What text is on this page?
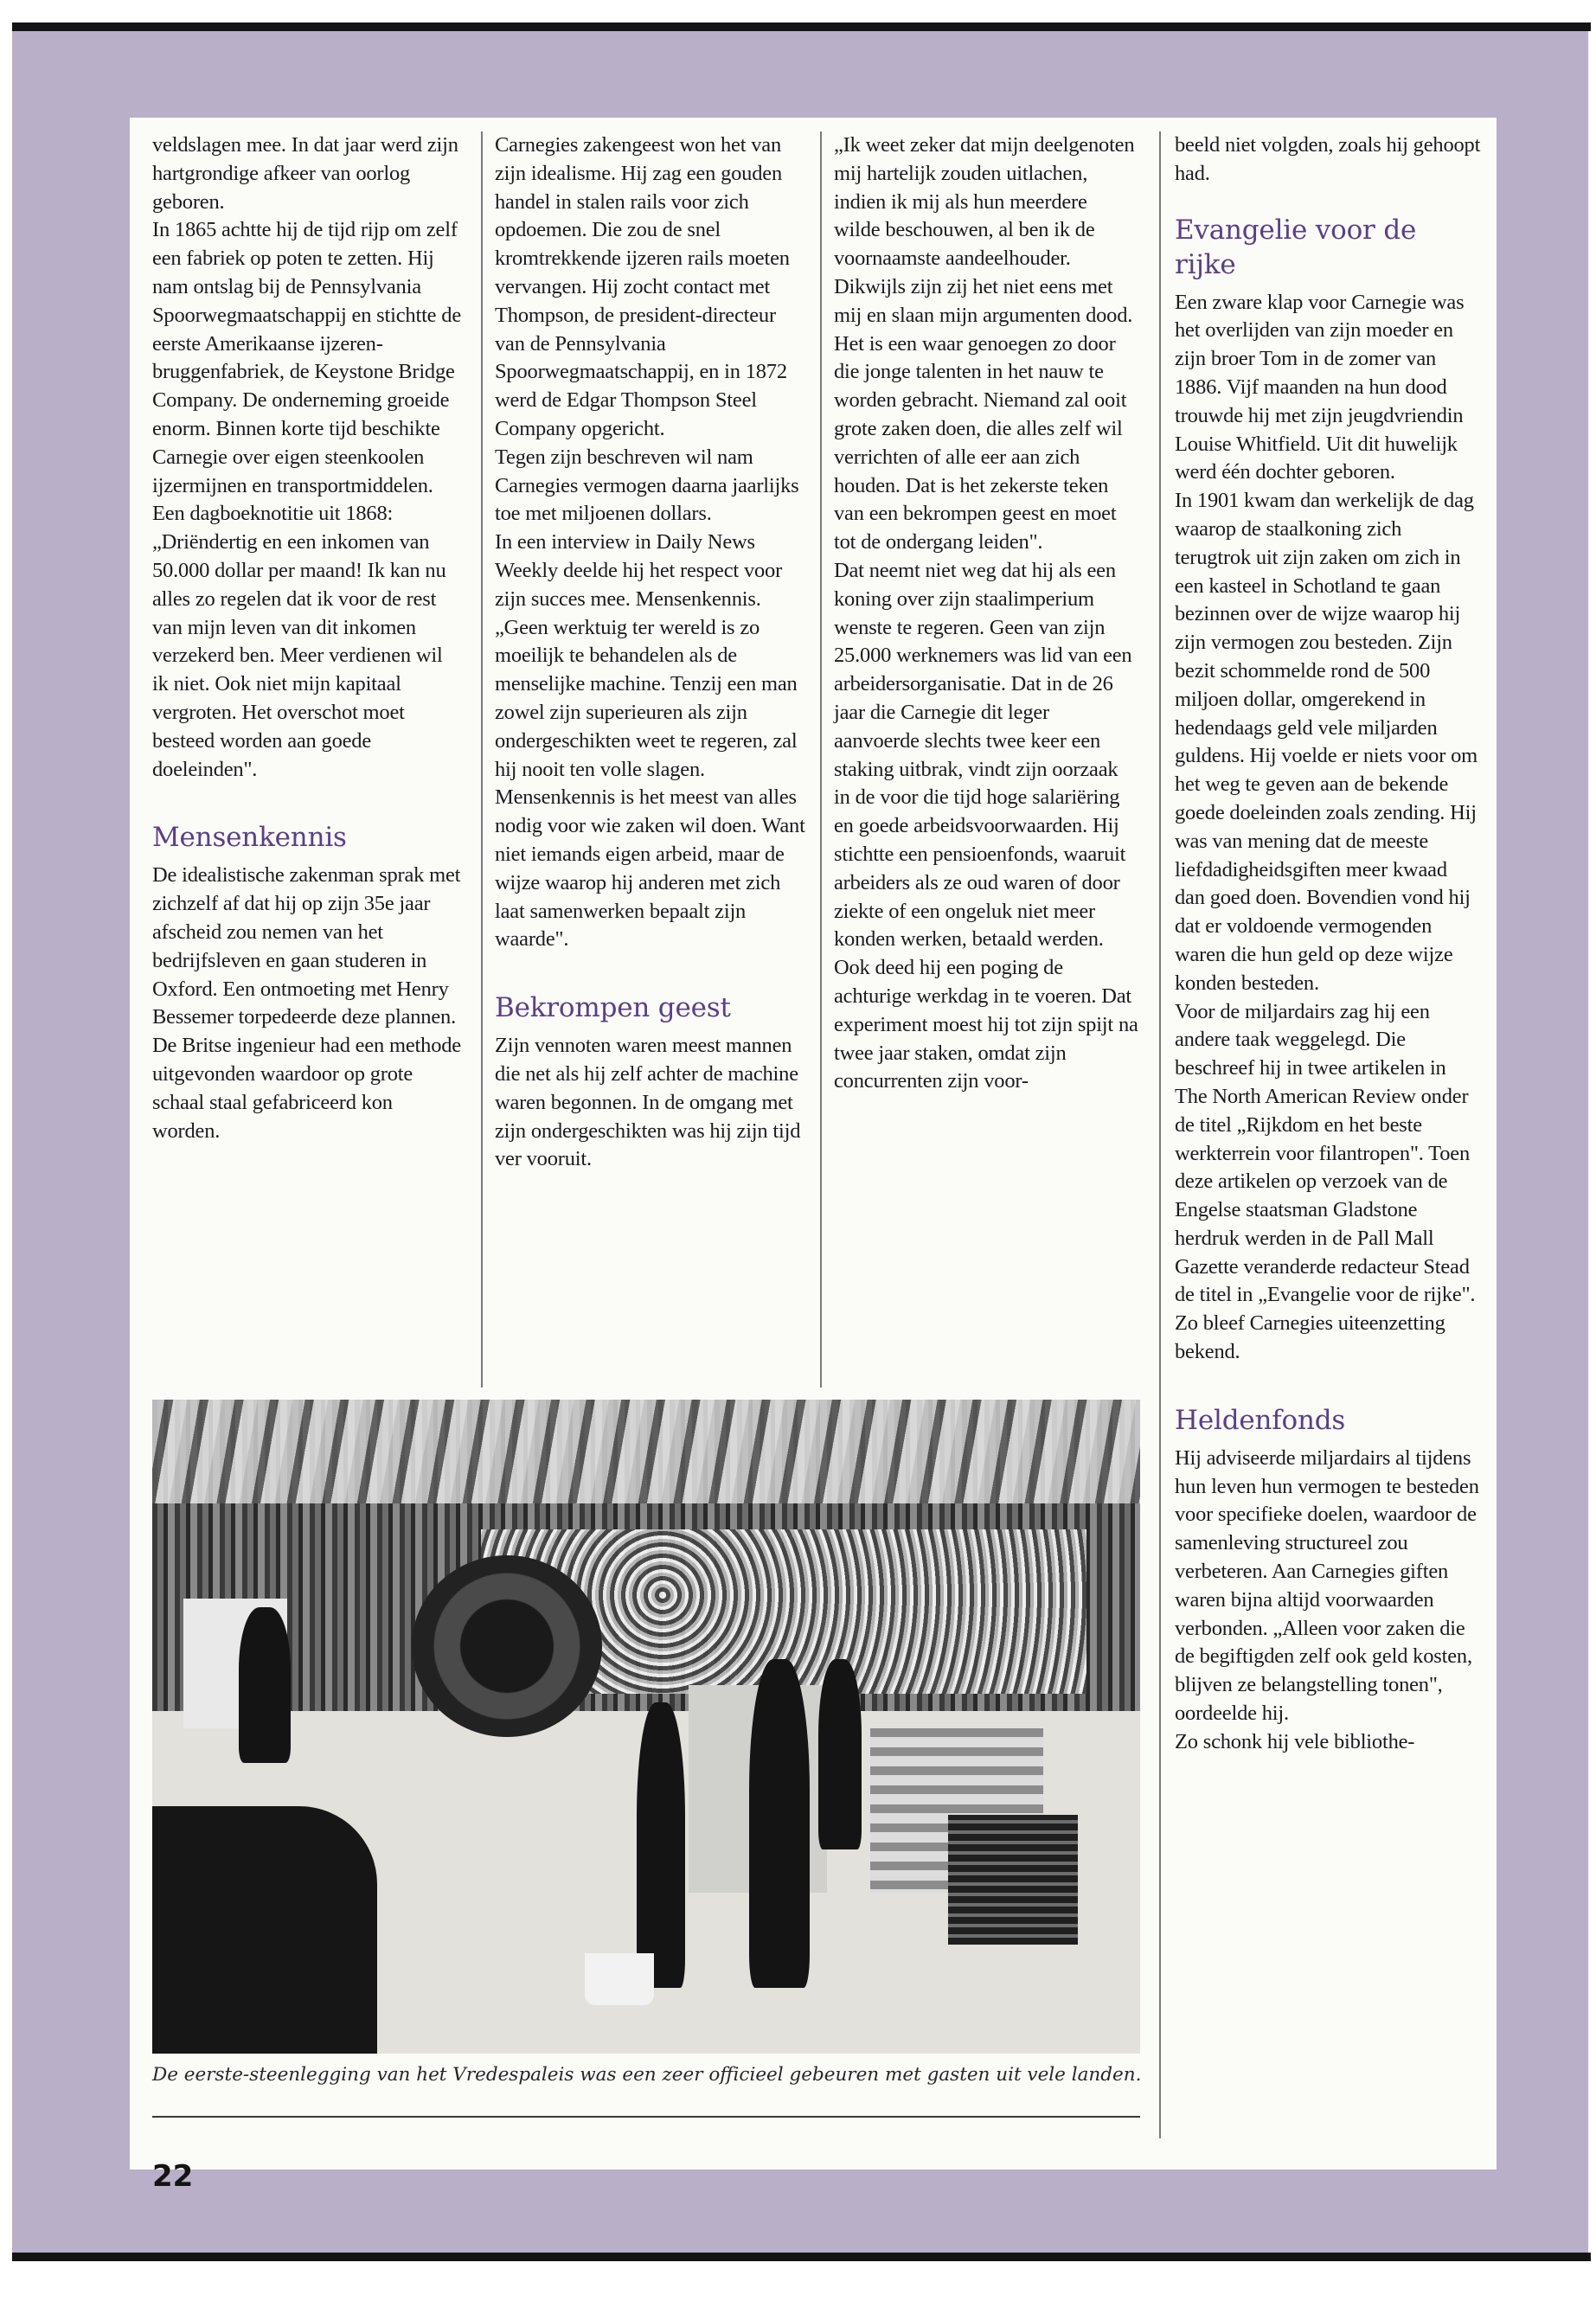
veldslagen mee. In dat jaar werd zijn hartgrondige afkeer van oorlog geboren.

In 1865 achtte hij de tijd rijp om zelf een fabriek op poten te zetten. Hij nam ontslag bij de Pennsylvania Spoorwegmaatschappij en stichtte de eerste Amerikaanse ijzeren-bruggenfabriek, de Keystone Bridge Company. De onderneming groeide enorm. Binnen korte tijd beschikte Carnegie over eigen steenkoolen ijzermijnen en transportmiddelen.

Een dagboeknotitie uit 1868: „Driëndertig en een inkomen van 50.000 dollar per maand! Ik kan nu alles zo regelen dat ik voor de rest van mijn leven van dit inkomen verzekerd ben. Meer verdienen wil ik niet. Ook niet mijn kapitaal vergroten. Het overschot moet besteed worden aan goede doeleinden".

Mensenkennis

De idealistische zakenman sprak met zichzelf af dat hij op zijn 35e jaar afscheid zou nemen van het bedrijfsleven en gaan studeren in Oxford. Een ontmoeting met Henry Bessemer torpedeerde deze plannen. De Britse ingenieur had een methode uitgevonden waardoor op grote schaal staal gefabriceerd kon worden.

Carnegies zakengeest won het van zijn idealisme. Hij zag een gouden handel in stalen rails voor zich opdoemen. Die zou de snel kromtrekkende ijzeren rails moeten vervangen. Hij zocht contact met Thompson, de president-directeur van de Pennsylvania Spoorwegmaatschappij, en in 1872 werd de Edgar Thompson Steel Company opgericht.

Tegen zijn beschreven wil nam Carnegies vermogen daarna jaarlijks toe met miljoenen dollars.

In een interview in Daily News Weekly deelde hij het respect voor zijn succes mee. Mensenkennis.

„Geen werktuig ter wereld is zo moeilijk te behandelen als de menselijke machine. Tenzij een man zowel zijn superieuren als zijn ondergeschikten weet te regeren, zal hij nooit ten volle slagen. Mensenkennis is het meest van alles nodig voor wie zaken wil doen. Want niet iemands eigen arbeid, maar de wijze waarop hij anderen met zich laat samenwerken bepaalt zijn waarde".

Bekrompen geest

Zijn vennoten waren meest mannen die net als hij zelf achter de machine waren begonnen. In de omgang met zijn ondergeschikten was hij zijn tijd ver vooruit.

„Ik weet zeker dat mijn deelgenoten mij hartelijk zouden uitlachen, indien ik mij als hun meerdere wilde beschouwen, al ben ik de voornaamste aandeelhouder.

Dikwijls zijn zij het niet eens met mij en slaan mijn argumenten dood. Het is een waar genoegen zo door die jonge talenten in het nauw te worden gebracht. Niemand zal ooit grote zaken doen, die alles zelf wil verrichten of alle eer aan zich houden. Dat is het zekerste teken van een bekrompen geest en moet tot de ondergang leiden".

Dat neemt niet weg dat hij als een koning over zijn staalimperium wenste te regeren. Geen van zijn 25.000 werknemers was lid van een arbeidersorganisatie. Dat in de 26 jaar die Carnegie dit leger aanvoerde slechts twee keer een staking uitbrak, vindt zijn oorzaak in de voor die tijd hoge salariëring en goede arbeidsvoorwaarden. Hij stichtte een pensioenfonds, waaruit arbeiders als ze oud waren of door ziekte of een ongeluk niet meer konden werken, betaald werden.

Ook deed hij een poging de achturige werkdag in te voeren. Dat experiment moest hij tot zijn spijt na twee jaar staken, omdat zijn concurrenten zijn voor-

beeld niet volgden, zoals hij gehoopt had.

Evangelie voor de rijke

Een zware klap voor Carnegie was het overlijden van zijn moeder en zijn broer Tom in de zomer van 1886. Vijf maanden na hun dood trouwde hij met zijn jeugdvriendin Louise Whitfield. Uit dit huwelijk werd één dochter geboren.

In 1901 kwam dan werkelijk de dag waarop de staalkoning zich terugtrok uit zijn zaken om zich in een kasteel in Schotland te gaan bezinnen over de wijze waarop hij zijn vermogen zou besteden. Zijn bezit schommelde rond de 500 miljoen dollar, omgerekend in hedendaags geld vele miljarden guldens. Hij voelde er niets voor om het weg te geven aan de bekende goede doeleinden zoals zending. Hij was van mening dat de meeste liefdadigheidsgiften meer kwaad dan goed doen. Bovendien vond hij dat er voldoende vermogenden waren die hun geld op deze wijze konden besteden.

Voor de miljardairs zag hij een andere taak weggelegd. Die beschreef hij in twee artikelen in The North American Review onder de titel „Rijkdom en het beste werkterrein voor filantropen". Toen deze artikelen op verzoek van de Engelse staatsman Gladstone herdruk werden in de Pall Mall Gazette veranderde redacteur Stead de titel in „Evangelie voor de rijke". Zo bleef Carnegies uiteenzetting bekend.

Heldenfonds

Hij adviseerde miljardairs al tijdens hun leven hun vermogen te besteden voor specifieke doelen, waardoor de samenleving structureel zou verbeteren. Aan Carnegies giften waren bijna altijd voorwaarden verbonden. „Alleen voor zaken die de begiftigden zelf ook geld kosten, blijven ze belangstelling tonen", oordeelde hij.

Zo schonk hij vele bibliothe-

De eerste-steenlegging van het Vredespaleis was een zeer officieel gebeuren met gasten uit vele landen.
22
